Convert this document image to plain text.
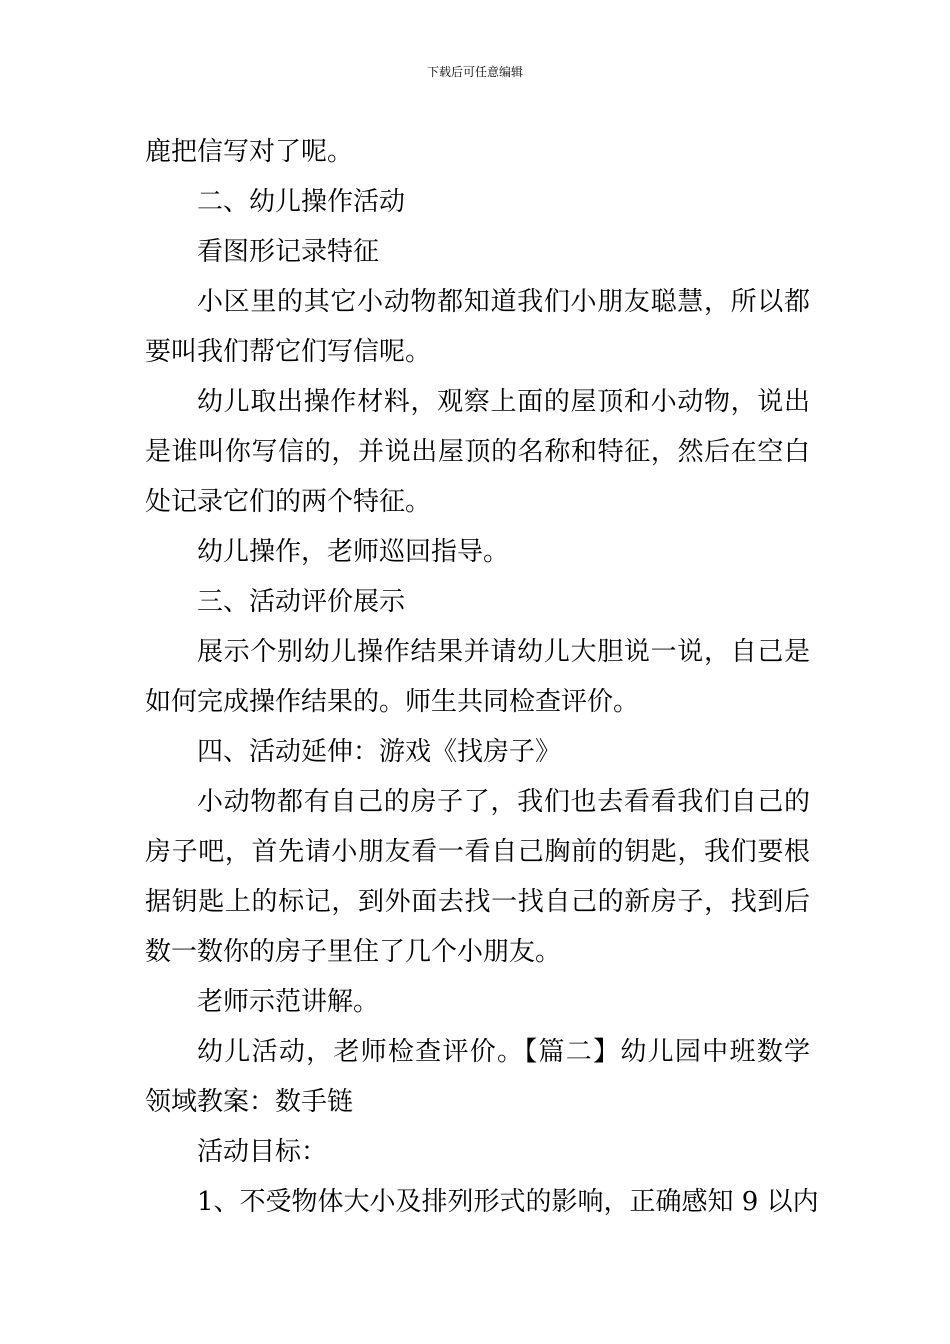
下载后可任意编辑
鹿把信写对了呢。
二、幼儿操作活动
看图形记录特征
小区里的其它小动物都知道我们小朋友聪慧，所以都
要叫我们帮它们写信呢。
幼儿取出操作材料，观察上面的屋顶和小动物，说出
是谁叫你写信的，并说出屋顶的名称和特征，然后在空白
处记录它们的两个特征。
幼儿操作，老师巡回指导。
三、活动评价展示
展示个别幼儿操作结果并请幼儿大胆说一说，自己是
如何完成操作结果的。师生共同检查评价。
四、活动延伸：游戏《找房子》
小动物都有自己的房子了，我们也去看看我们自己的
房子吧，首先请小朋友看一看自己胸前的钥匙，我们要根
据钥匙上的标记，到外面去找一找自己的新房子，找到后
数一数你的房子里住了几个小朋友。
老师示范讲解。
幼儿活动，老师检查评价。【篇二】幼儿园中班数学
领域教案：数手链
活动目标：
1、不受物体大小及排列形式的影响，正确感知 9 以内
